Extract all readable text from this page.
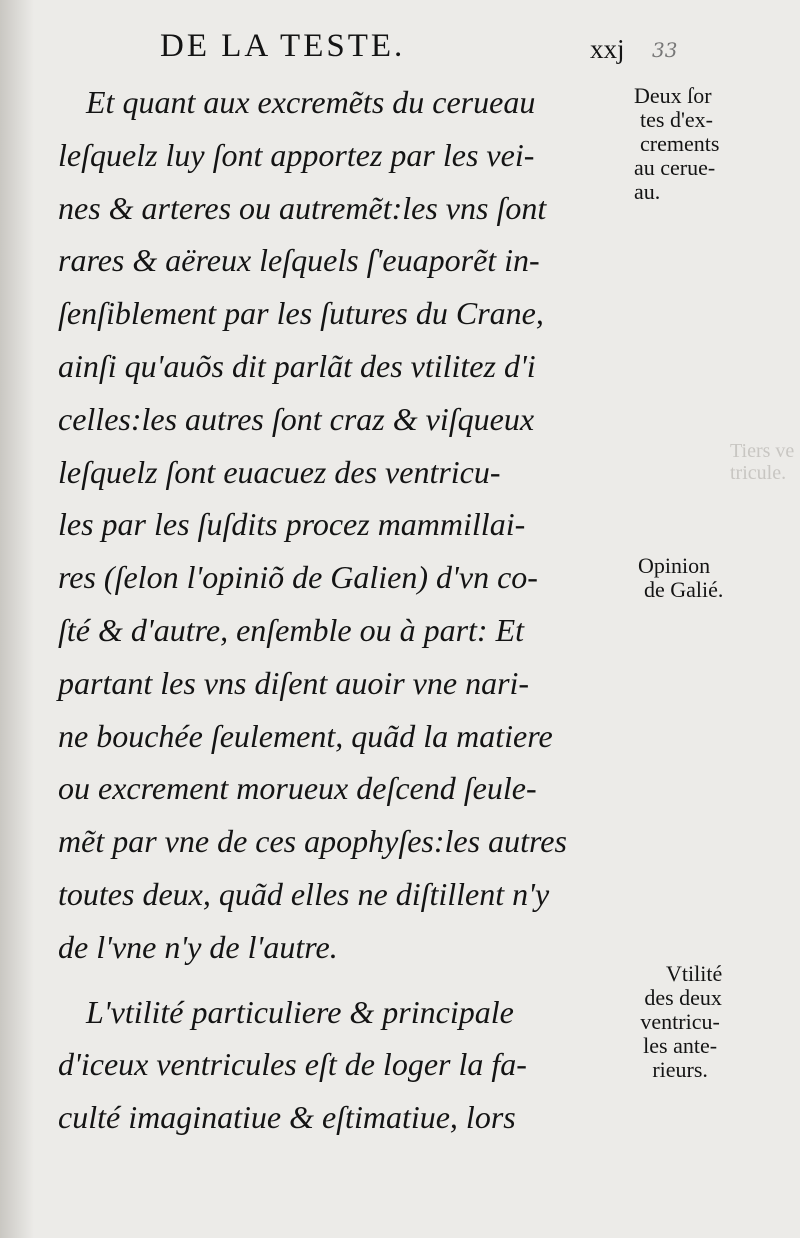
DE LA TESTE.	xxj 33
Et quant aux excremẽts du cerueau
leſquelz luy ſont apportez par les vei-
nes & arteres ou autremẽt:les vns ſont
rares & aëreux leſquels ſ'euaporẽt in-
ſenſiblement par les ſutures du Crane,
ainſi qu'auõs dit parlãt des vtilitez d'i
celles:les autres ſont craz & viſqueux
leſquelz ſont euacuez des ventricu-
les par les ſuſdits procez mammillai-
res (ſelon l'opiniõ de Galien) d'vn co-
ſté & d'autre, enſemble ou à part: Et
partant les vns diſent auoir vne nari-
ne bouchée ſeulement, quãd la matiere
ou excrement morueux deſcend ſeule-
mẽt par vne de ces apophyſes:les autres
toutes deux, quãd elles ne diſtillent n'y
de l'vne n'y de l'autre.
L'vtilité particuliere & principale
d'iceux ventricules eſt de loger la fa-
culté imaginatiue & eſtimatiue, lors
Deux ſor
tes d'ex-
crements
au cerue-
au.
Opinion
de Galié.
Vtilité
des deux
ventricu-
les ante-
rieurs.
Tiers ve
tricule.
